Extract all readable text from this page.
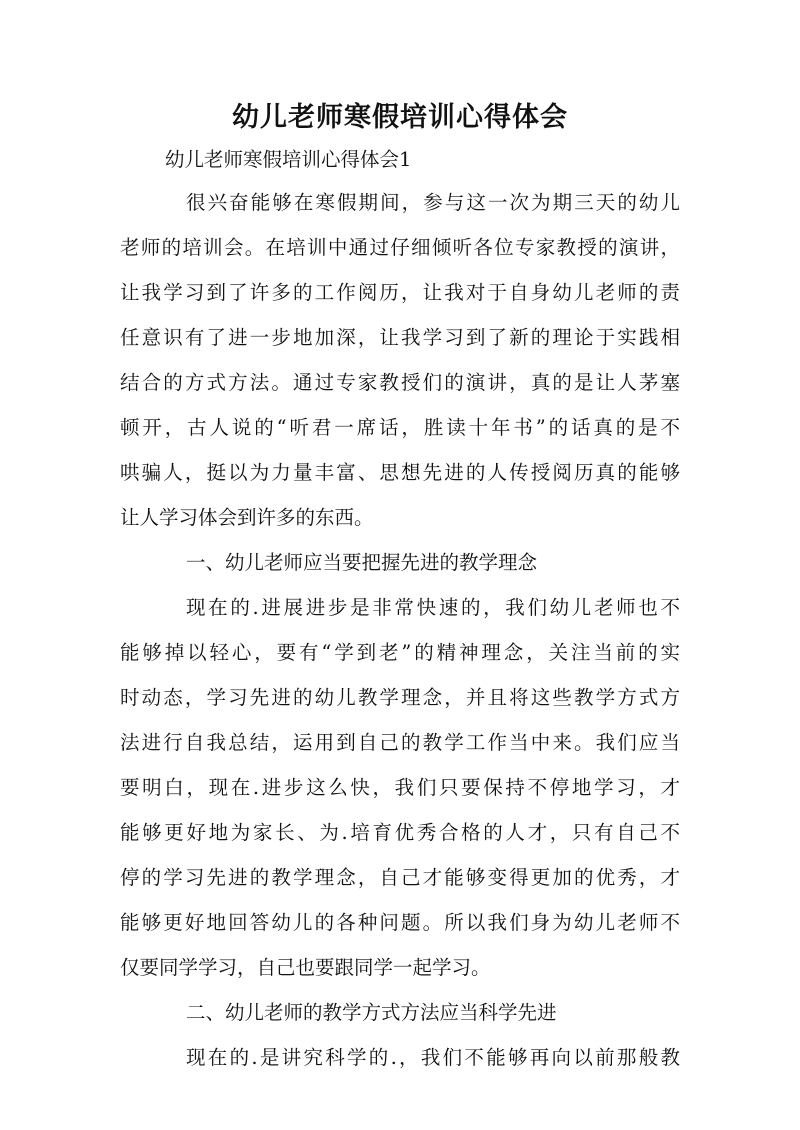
幼儿老师寒假培训心得体会
幼儿老师寒假培训心得体会1
很兴奋能够在寒假期间，参与这一次为期三天的幼儿
老师的培训会。在培训中通过仔细倾听各位专家教授的演讲，
让我学习到了许多的工作阅历，让我对于自身幼儿老师的责
任意识有了进一步地加深，让我学习到了新的理论于实践相
结合的方式方法。通过专家教授们的演讲，真的是让人茅塞
顿开，古人说的“听君一席话，胜读十年书”的话真的是不
哄骗人，挺以为力量丰富、思想先进的人传授阅历真的能够
让人学习体会到许多的东西。
一、幼儿老师应当要把握先进的教学理念
现在的.进展进步是非常快速的，我们幼儿老师也不
能够掉以轻心，要有“学到老”的精神理念，关注当前的实
时动态，学习先进的幼儿教学理念，并且将这些教学方式方
法进行自我总结，运用到自己的教学工作当中来。我们应当
要明白，现在.进步这么快，我们只要保持不停地学习，才
能够更好地为家长、为.培育优秀合格的人才，只有自己不
停的学习先进的教学理念，自己才能够变得更加的优秀，才
能够更好地回答幼儿的各种问题。所以我们身为幼儿老师不
仅要同学学习，自己也要跟同学一起学习。
二、幼儿老师的教学方式方法应当科学先进
现在的.是讲究科学的.，我们不能够再向以前那般教
